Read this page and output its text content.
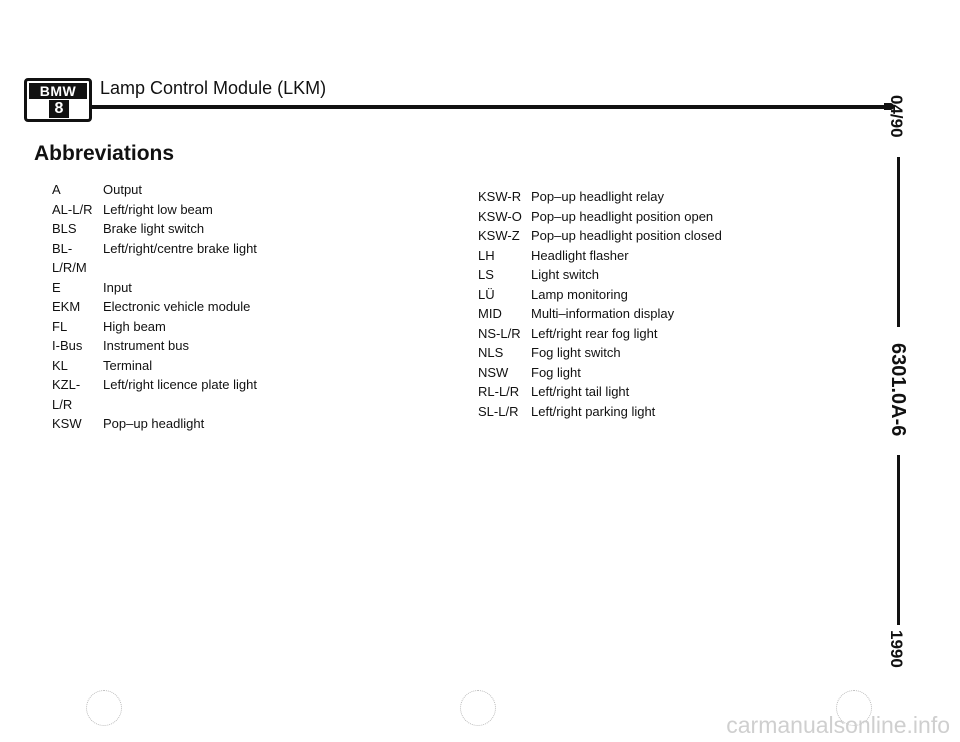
BMW
8
Lamp Control Module (LKM)
Abbreviations
A	Output
AL-L/R Left/right low beam
BLS	Brake light switch
BL-
L/R/M
Left/right/centre brake light
E	Input
EKM	Electronic vehicle module
FL	High beam
I-Bus	Instrument bus
KL	Terminal
KZL-
L/R
Left/right licence plate light
KSW	Pop–up headlight
KSW-R Pop–up headlight relay
KSW-O Pop–up headlight position open
KSW-Z Pop–up headlight position closed
LH	Headlight flasher
LS	Light switch
LÜ	Lamp monitoring
MID	Multi–information display
NS-L/R Left/right rear fog light
NLS	Fog light switch
NSW	Fog light
RL-L/R Left/right tail light
SL-L/R Left/right parking light
04/90
6301.0A-6
1990
carmanualsonline.info
